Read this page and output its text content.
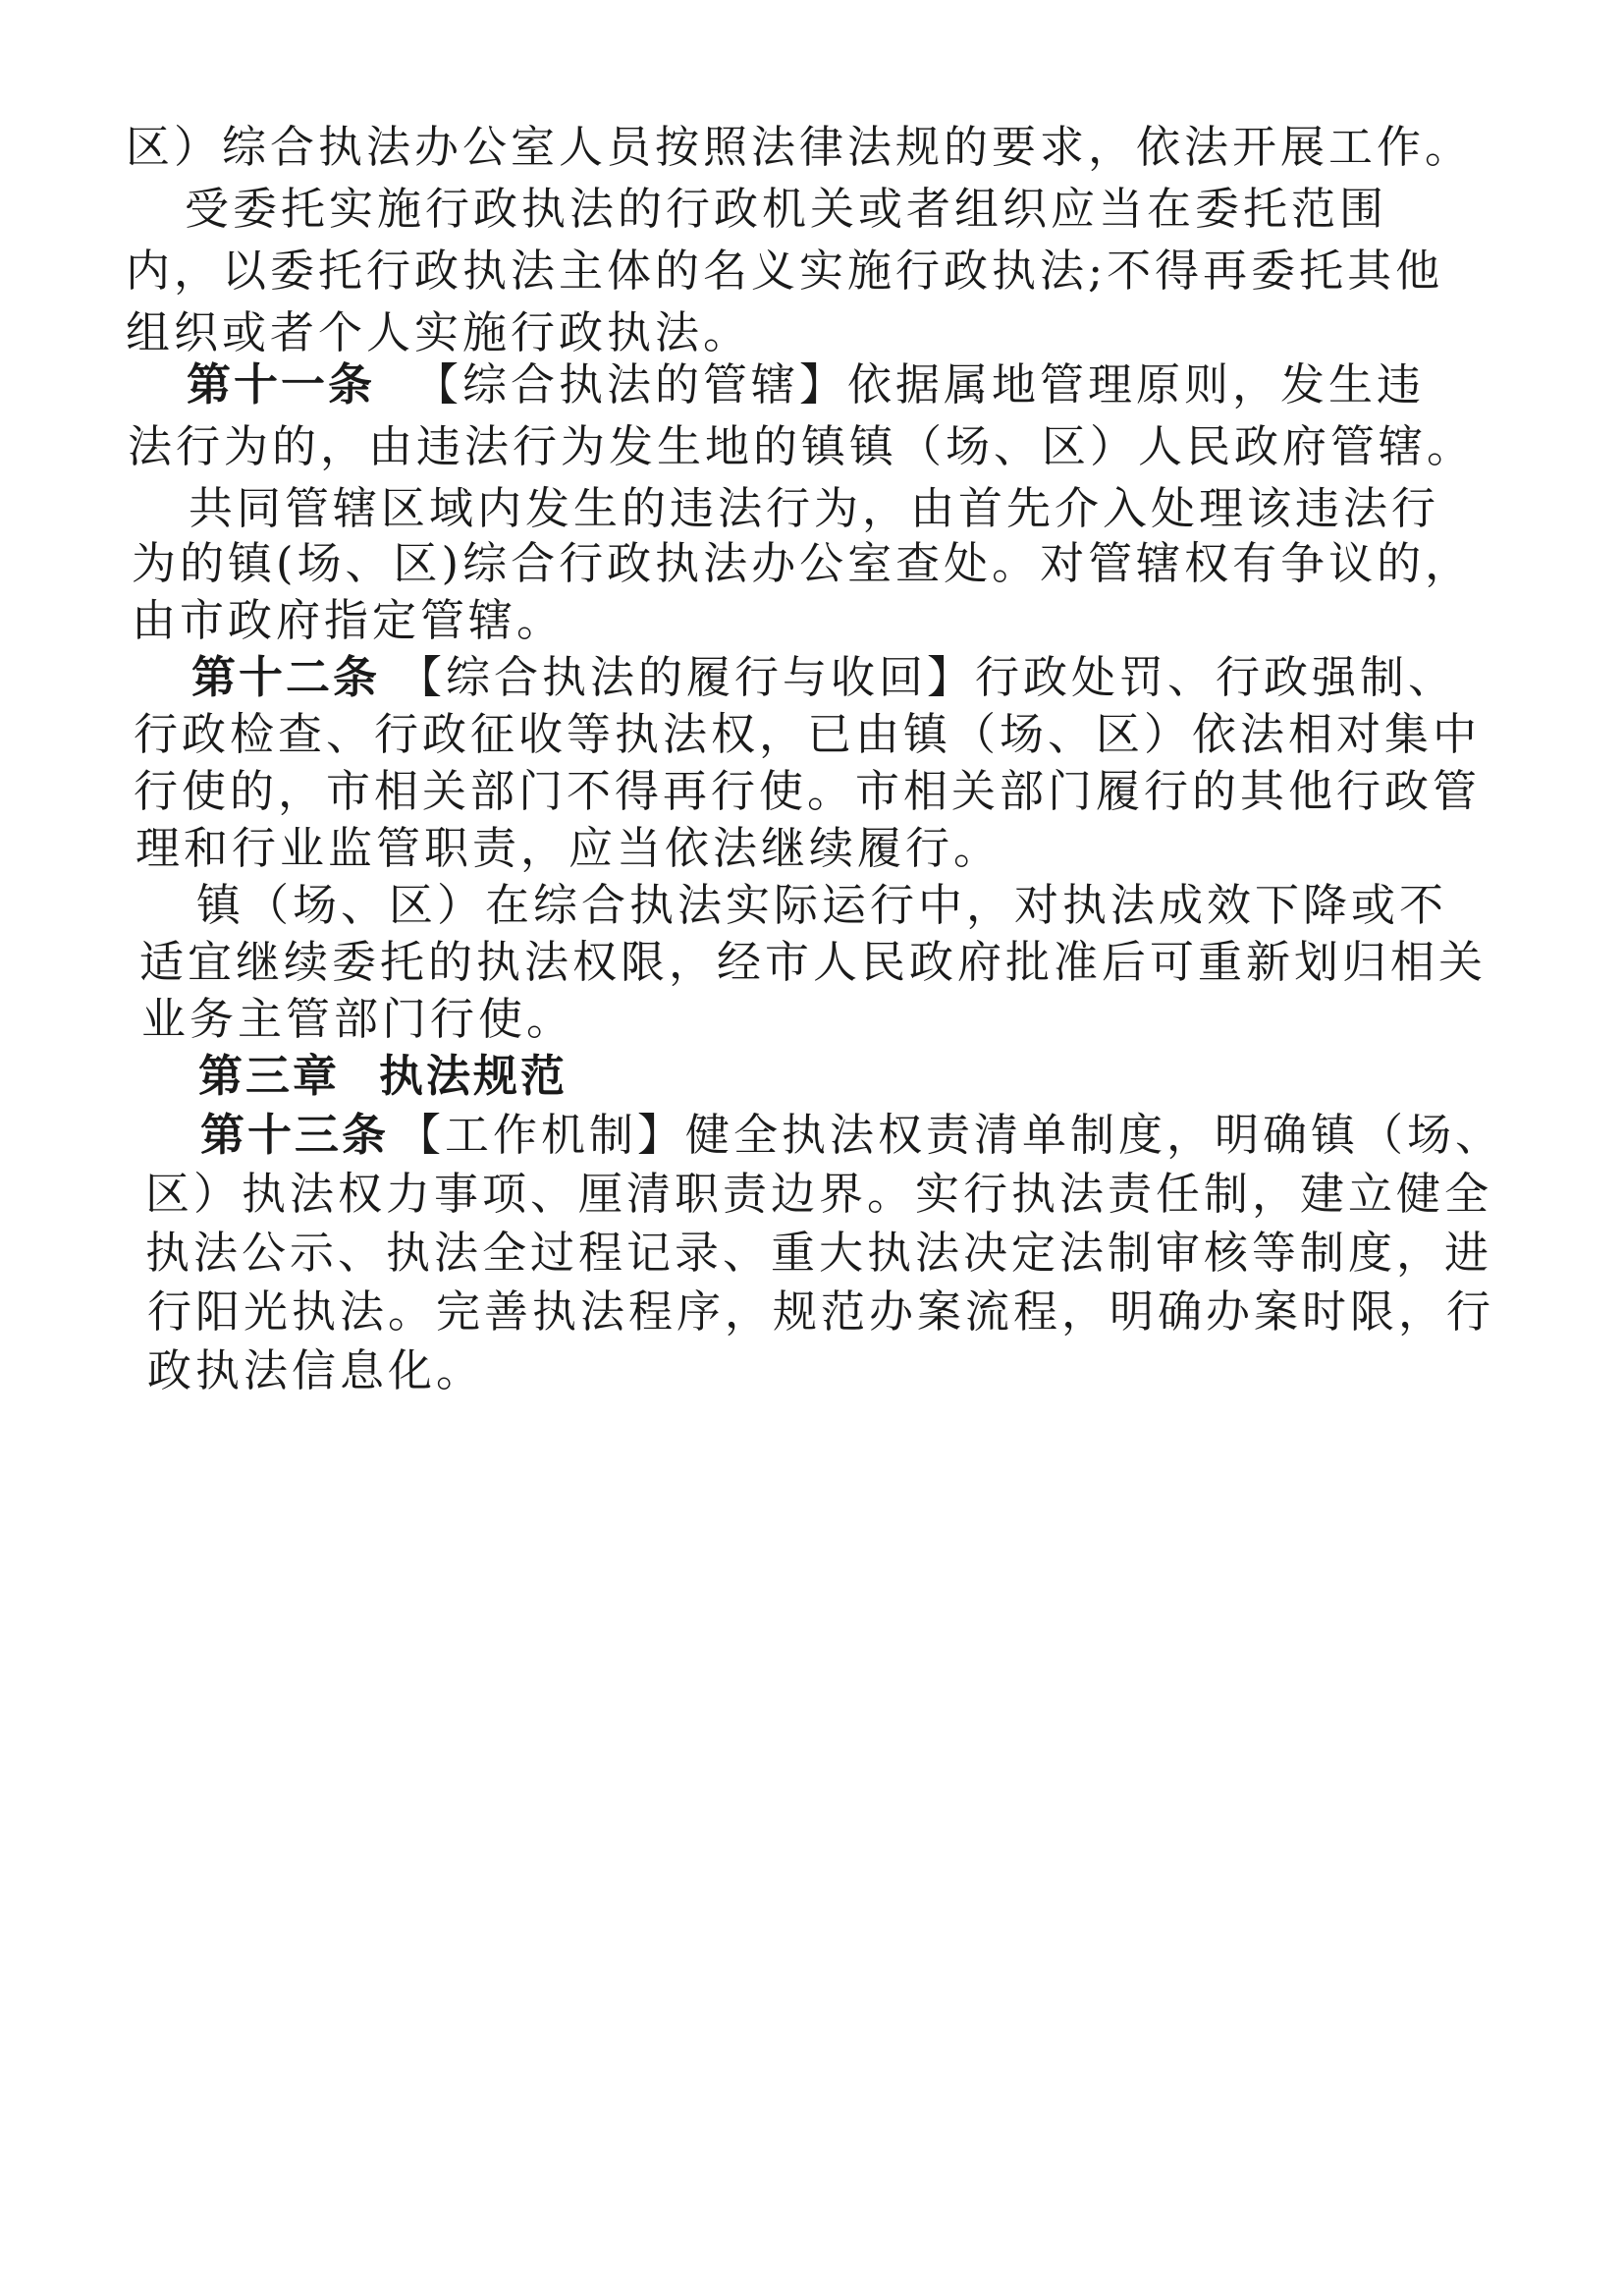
区）综合执法办公室人员按照法律法规的要求，依法开展工作。
受委托实施行政执法的行政机关或者组织应当在委托范围
内，以委托行政执法主体的名义实施行政执法;不得再委托其他
组织或者个人实施行政执法。
第十一条 【综合执法的管辖】依据属地管理原则，发生违
法行为的，由违法行为发生地的镇镇（场、区）人民政府管辖。
共同管辖区域内发生的违法行为，由首先介入处理该违法行
为的镇(场、区)综合行政执法办公室查处。对管辖权有争议的，
由市政府指定管辖。
第十二条 【综合执法的履行与收回】行政处罚、行政强制、
行政检查、行政征收等执法权，已由镇（场、区）依法相对集中
行使的，市相关部门不得再行使。市相关部门履行的其他行政管
理和行业监管职责，应当依法继续履行。
镇（场、区）在综合执法实际运行中，对执法成效下降或不
适宜继续委托的执法权限，经市人民政府批准后可重新划归相关
业务主管部门行使。
第三章 执法规范
第十三条 【工作机制】健全执法权责清单制度，明确镇（场、
区）执法权力事项、厘清职责边界。实行执法责任制，建立健全
执法公示、执法全过程记录、重大执法决定法制审核等制度，进
行阳光执法。完善执法程序，规范办案流程，明确办案时限，行
政执法信息化。
